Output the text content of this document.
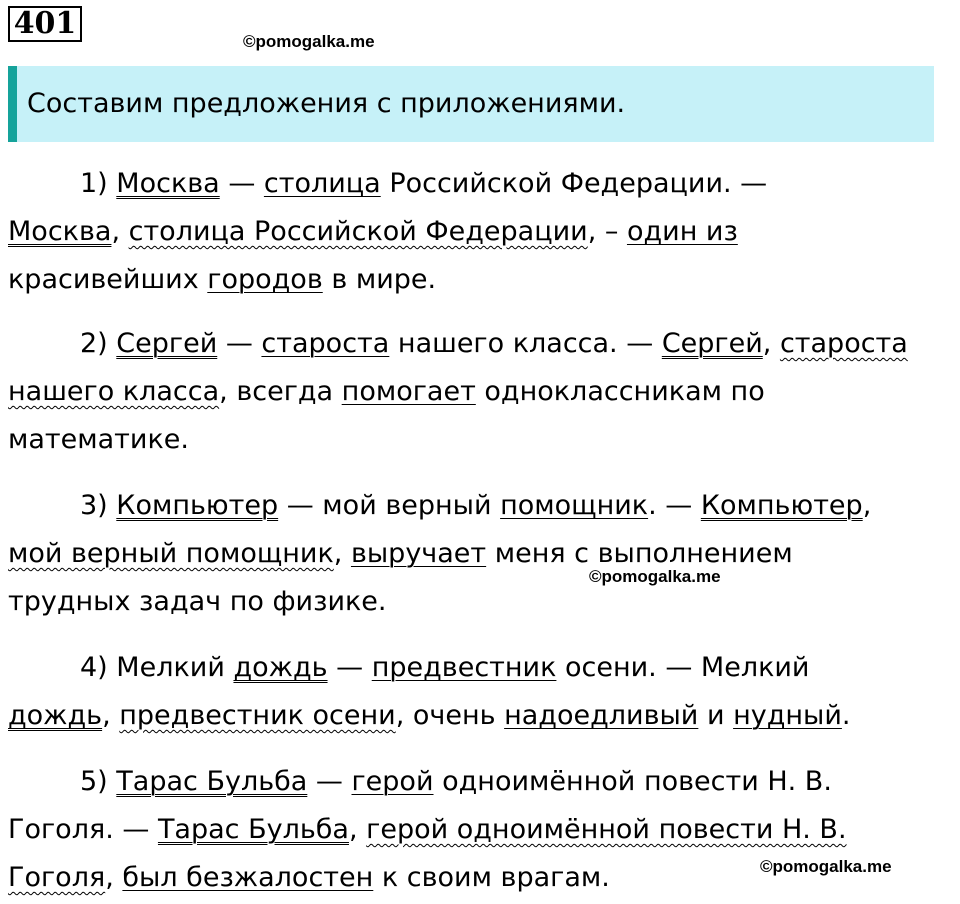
401
©pomogalka.me
Составим предложения с приложениями.
1) Москва — столица Российской Федерации. —
Москва, столица Российской Федерации, – один из
красивейших городов в мире.
2) Сергей — староста нашего класса. — Сергей, староста
нашего класса, всегда помогает одноклассникам по
математике.
3) Компьютер — мой верный помощник. — Компьютер,
мой верный помощник, выручает меня с выполнением
трудных задач по физике.
4) Мелкий дождь — предвестник осени. — Мелкий
дождь, предвестник осени, очень надоедливый и нудный.
5) Тарас Бульба — герой одноимённой повести Н. В.
Гоголя. — Тарас Бульба, герой одноимённой повести Н. В.
Гоголя, был безжалостен к своим врагам.
©pomogalka.me
©pomogalka.me
